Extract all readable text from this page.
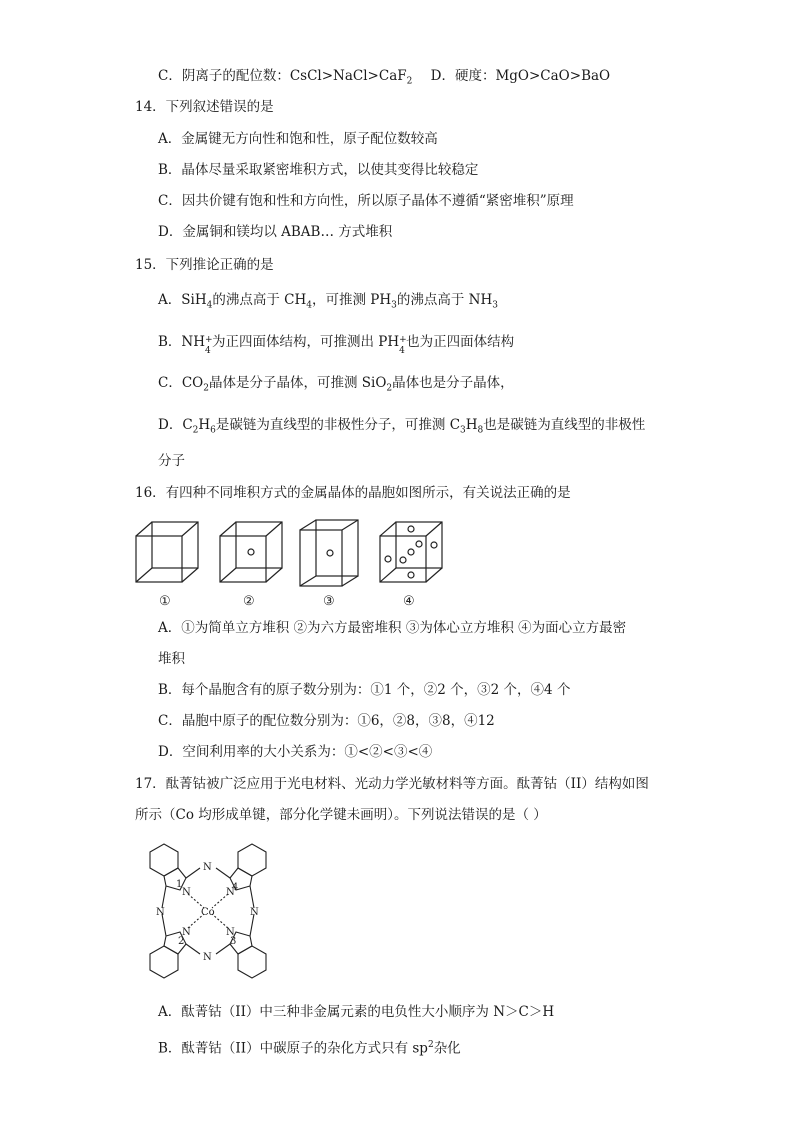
C．阴离子的配位数：CsCl>NaCl>CaF$_2$ D．硬度：MgO>CaO>BaO
14．下列叙述错误的是
A．金属键无方向性和饱和性，原子配位数较高
B．晶体尽量采取紧密堆积方式，以使其变得比较稳定
C．因共价键有饱和性和方向性，所以原子晶体不遵循“紧密堆积”原理
D．金属铜和镁均以 ABAB… 方式堆积
15．下列推论正确的是
A．SiH$_4$的沸点高于 $CH_4$，可推测 $PH_3$的沸点高于 $NH_3$
B．NH +
4
为正四面体结构，可推测出 PH +
4
也为正四面体结构
C．$CO_2$晶体是分子晶体，可推测 SiO$_2$晶体也是分子晶体，
D．$C_2H_6$是碳链为直线型的非极性分子，可推测 $C_3H_8$也是碳链为直线型的非极性
分子
16．有四种不同堆积方式的金属晶体的晶胞如图所示，有关说法正确的是
①	②	③	④
A．①为简单立方堆积 ②为六方最密堆积 ③为体心立方堆积 ④为面心立方最密
堆积
B．每个晶胞含有的原子数分别为：①1 个，②2 个，③2 个，④4 个
C．晶胞中原子的配位数分别为：①6，②8，③8，④12
D．空间利用率的大小关系为：①<②<③<④
17．酞菁钴被广泛应用于光电材料、光动力学光敏材料等方面。酞菁钴（II）结构如图
所示（Co 均形成单键，部分化学键未画明）。下列说法错误的是（ ）
Co
N
1
N
4
N
2
N
3
N
N
N	N
A．酞菁钴（II）中三种非金属元素的电负性大小顺序为 N＞C＞H
B．酞菁钴（II）中碳原子的杂化方式只有 $sp^2$杂化
